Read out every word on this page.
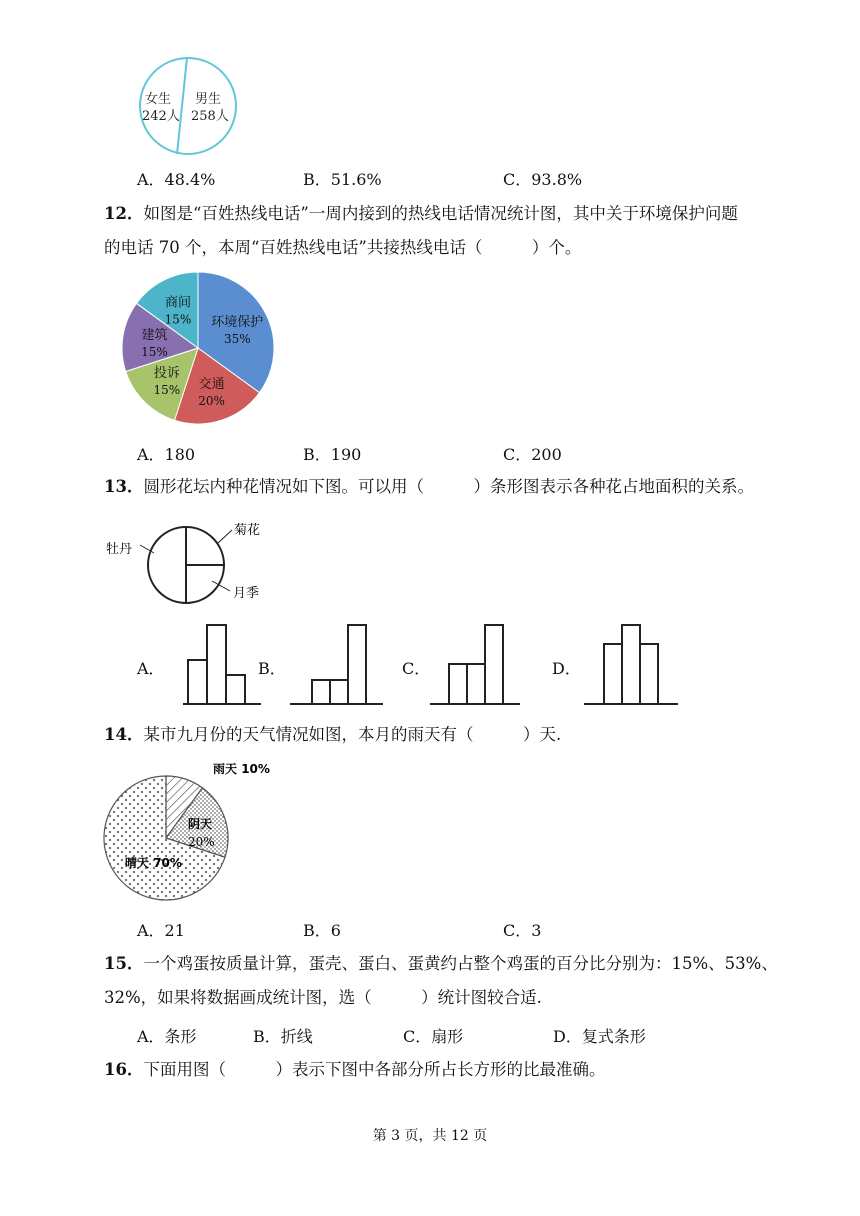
女生
242人
男生
258人
A．48.4%	B．51.6%	C．93.8%
12．如图是“百姓热线电话”一周内接到的热线电话情况统计图，其中关于环境保护问题
的电话 70 个，本周“百姓热线电话”共接热线电话（　　　）个。
环境保护
35%
交通
20%
投诉
15%
建筑
15%
商间
15%
A．180	B．190	C．200
13．圆形花坛内种花情况如下图。可以用（　　　）条形图表示各种花占地面积的关系。
牡丹
菊花
月季
A．	B．	C．	D．
14．某市九月份的天气情况如图，本月的雨天有（　　　）天.
雨天 10%
阴天
20%
晴天 70%
A．21	B．6	C．3
15．一个鸡蛋按质量计算，蛋壳、蛋白、蛋黄约占整个鸡蛋的百分比分别为：15%、53%、
32%，如果将数据画成统计图，选（　　　）统计图较合适.
A．条形	B．折线	C．扇形	D．复式条形
16．下面用图（　　　）表示下图中各部分所占长方形的比最准确。
第 3 页，共 12 页
